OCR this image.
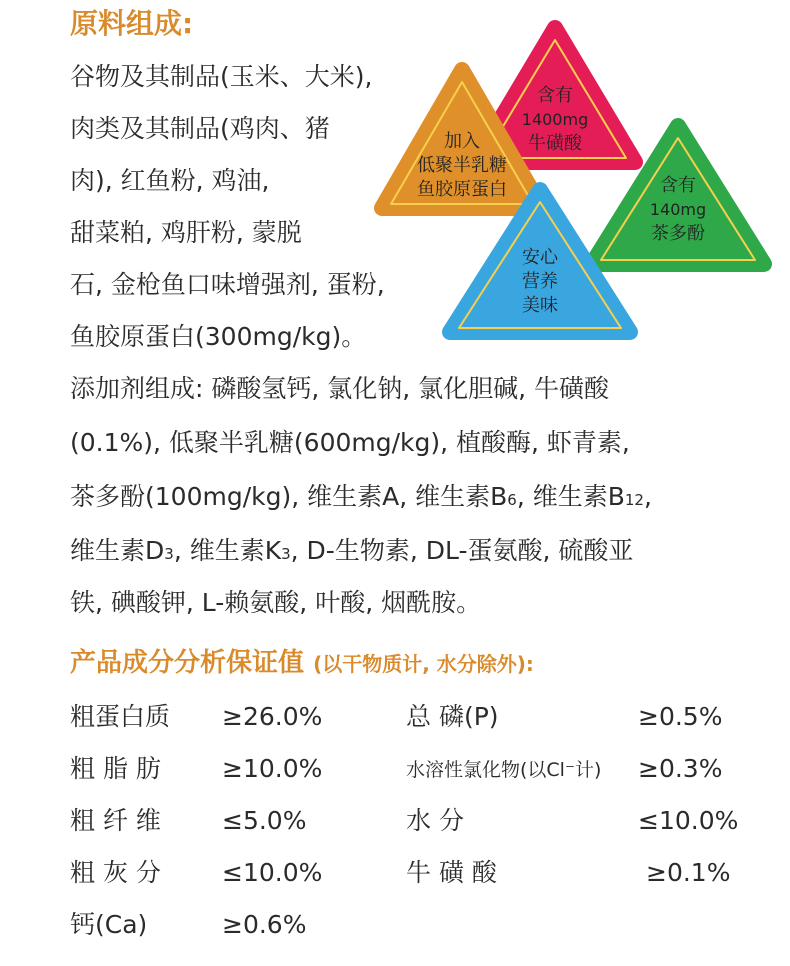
原料组成:
谷物及其制品(玉米、大米),
肉类及其制品(鸡肉、猪
肉), 红鱼粉, 鸡油,
甜菜粕, 鸡肝粉, 蒙脱
石, 金枪鱼口味增强剂, 蛋粉,
鱼胶原蛋白(300mg/kg)。
含有
1400mg
牛磺酸
加入
低聚半乳糖
鱼胶原蛋白	含有
140mg
茶多酚
安心
营养
美味
添加剂组成: 磷酸氢钙, 氯化钠, 氯化胆碱, 牛磺酸
(0.1%), 低聚半乳糖(600mg/kg), 植酸酶, 虾青素,
茶多酚(100mg/kg), 维生素A, 维生素B6, 维生素B12,
维生素D3, 维生素K3, D-生物素, DL-蛋氨酸, 硫酸亚
铁, 碘酸钾, L-赖氨酸, 叶酸, 烟酰胺。
产品成分分析保证值 (以干物质计, 水分除外):
粗蛋白质 ≥26.0%	总 磷(P)	≥0.5%
粗 脂 肪 ≥10.0%	水溶性氯化物(以Cl⁻计) ≥0.3%
粗 纤 维 ≤5.0%	水 分	≤10.0%
粗 灰 分 ≤10.0%	牛 磺 酸	≥0.1%
钙(Ca)	≥0.6%
